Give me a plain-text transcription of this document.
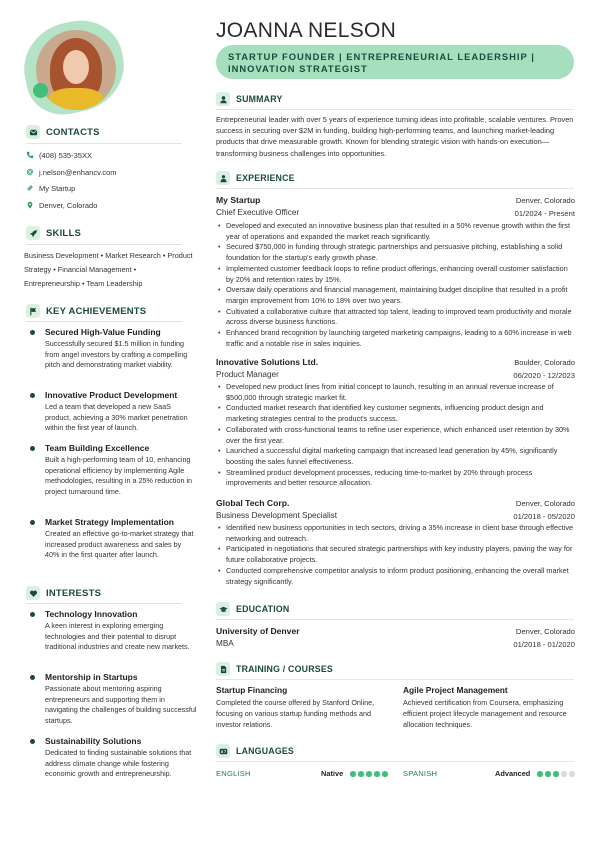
CONTACTS
(408) 535-35XX
j.nelson@enhancv.com
My Startup
Denver, Colorado
SKILLS
Business Development • Market Research • Product Strategy • Financial Management • Entrepreneurship • Team Leadership
KEY ACHIEVEMENTS
Secured High-Value Funding
Successfully secured $1.5 million in funding from angel investors by crafting a compelling pitch and demonstrating market viability.
Innovative Product Development
Led a team that developed a new SaaS product, achieving a 30% market penetration within the first year of launch.
Team Building Excellence
Built a high-performing team of 10, enhancing operational efficiency by implementing Agile methodologies, resulting in a 25% reduction in project turnaround time.
Market Strategy Implementation
Created an effective go-to-market strategy that increased product awareness and sales by 40% in the first quarter after launch.
INTERESTS
Technology Innovation
A keen interest in exploring emerging technologies and their potential to disrupt traditional industries and create new markets.
Mentorship in Startups
Passionate about mentoring aspiring entrepreneurs and supporting them in navigating the challenges of building successful startups.
Sustainability Solutions
Dedicated to finding sustainable solutions that address climate change while fostering economic growth and entrepreneurship.
JOANNA NELSON
STARTUP FOUNDER | ENTREPRENEURIAL LEADERSHIP | INNOVATION STRATEGIST
SUMMARY
Entrepreneurial leader with over 5 years of experience turning ideas into profitable, scalable ventures. Proven success in securing over $2M in funding, building high-performing teams, and launching market-leading products that drive measurable growth. Known for blending strategic vision with hands-on execution—transforming business challenges into opportunities.
EXPERIENCE
My Startup	Denver, Colorado
Chief Executive Officer	01/2024 - Present
• Developed and executed an innovative business plan that resulted in a 50% revenue growth within the first year of operations and expanded the market reach significantly.
• Secured $750,000 in funding through strategic partnerships and persuasive pitching, establishing a solid foundation for the startup's early growth phase.
• Implemented customer feedback loops to refine product offerings, enhancing overall customer satisfaction by 20% and retention rates by 15%.
• Oversaw daily operations and financial management, maintaining budget discipline that resulted in a profit margin improvement from 10% to 18% over two years.
• Cultivated a collaborative culture that attracted top talent, leading to improved team productivity and morale across diverse business functions.
• Enhanced brand recognition by launching targeted marketing campaigns, leading to a 60% increase in web traffic and a notable rise in sales inquiries.
Innovative Solutions Ltd.	Boulder, Colorado
Product Manager	06/2020 - 12/2023
• Developed new product lines from initial concept to launch, resulting in an annual revenue increase of $500,000 through strategic market fit.
• Conducted market research that identified key customer segments, influencing product design and marketing strategies central to the product's success.
• Collaborated with cross-functional teams to refine user experience, which enhanced user retention by 30% over the first year.
• Launched a successful digital marketing campaign that increased lead generation by 45%, significantly boosting the sales funnel effectiveness.
• Streamlined product development processes, reducing time-to-market by 20% through process improvements and better resource allocation.
Global Tech Corp.	Denver, Colorado
Business Development Specialist	01/2018 - 05/2020
• Identified new business opportunities in tech sectors, driving a 35% increase in client base through effective networking and outreach.
• Participated in negotiations that secured strategic partnerships with key industry players, paving the way for future collaborative projects.
• Conducted comprehensive competitor analysis to inform product positioning, enhancing the overall market strategy significantly.
EDUCATION
University of Denver	Denver, Colorado
MBA	01/2018 - 01/2020
TRAINING / COURSES
Startup Financing
Completed the course offered by Stanford Online, focusing on various startup funding methods and investor relations.
Agile Project Management
Achieved certification from Coursera, emphasizing efficient project lifecycle management and resource allocation techniques.
LANGUAGES
ENGLISH	Native	SPANISH	Advanced
